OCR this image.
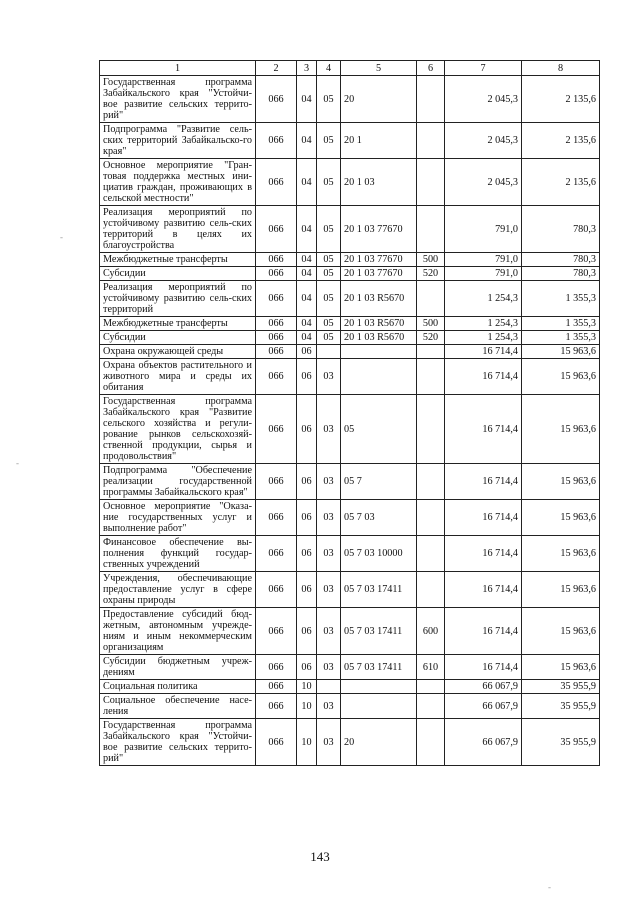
1	2	3	4	5	6	7	8
Государственная программа Забайкальского края "Устойчи-вое развитие сельских террито-рий"	066	04	05	20		2 045,3	2 135,6
Подпрограмма "Развитие сель-ских территорий Забайкальско-го края"	066	04	05	20 1		2 045,3	2 135,6
Основное мероприятие "Гран-товая поддержка местных ини-циатив граждан, проживающих в сельской местности"	066	04	05	20 1 03		2 045,3	2 135,6
Реализация мероприятий по устойчивому развитию сель-ских территорий в целях их благоустройства	066	04	05	20 1 03 77670		791,0	780,3
Межбюджетные трансферты	066	04	05	20 1 03 77670	500	791,0	780,3
Субсидии	066	04	05	20 1 03 77670	520	791,0	780,3
Реализация мероприятий по устойчивому развитию сель-ских территорий	066	04	05	20 1 03 R5670		1 254,3	1 355,3
Межбюджетные трансферты	066	04	05	20 1 03 R5670	500	1 254,3	1 355,3
Субсидии	066	04	05	20 1 03 R5670	520	1 254,3	1 355,3
Охрана окружающей среды	066	06				16 714,4	15 963,6
Охрана объектов растительного и животного мира и среды их обитания	066	06	03			16 714,4	15 963,6
Государственная программа Забайкальского края "Развитие сельского хозяйства и регули-рование рынков сельскохозяй-ственной продукции, сырья и продовольствия"	066	06	03	05		16 714,4	15 963,6
Подпрограмма "Обеспечение реализации государственной программы Забайкальского края"	066	06	03	05 7		16 714,4	15 963,6
Основное мероприятие "Оказа-ние государственных услуг и выполнение работ"	066	06	03	05 7 03		16 714,4	15 963,6
Финансовое обеспечение вы-полнения функций государ-ственных учреждений	066	06	03	05 7 03 10000		16 714,4	15 963,6
Учреждения, обеспечивающие предоставление услуг в сфере охраны природы	066	06	03	05 7 03 17411		16 714,4	15 963,6
Предоставление субсидий бюд-жетным, автономным учрежде-ниям и иным некоммерческим организациям	066	06	03	05 7 03 17411	600	16 714,4	15 963,6
Субсидии бюджетным учреж-дениям	066	06	03	05 7 03 17411	610	16 714,4	15 963,6
Социальная политика	066	10				66 067,9	35 955,9
Социальное обеспечение насе-ления	066	10	03			66 067,9	35 955,9
Государственная программа Забайкальского края "Устойчи-вое развитие сельских террито-рий"	066	10	03	20		66 067,9	35 955,9
143
-
-
-
